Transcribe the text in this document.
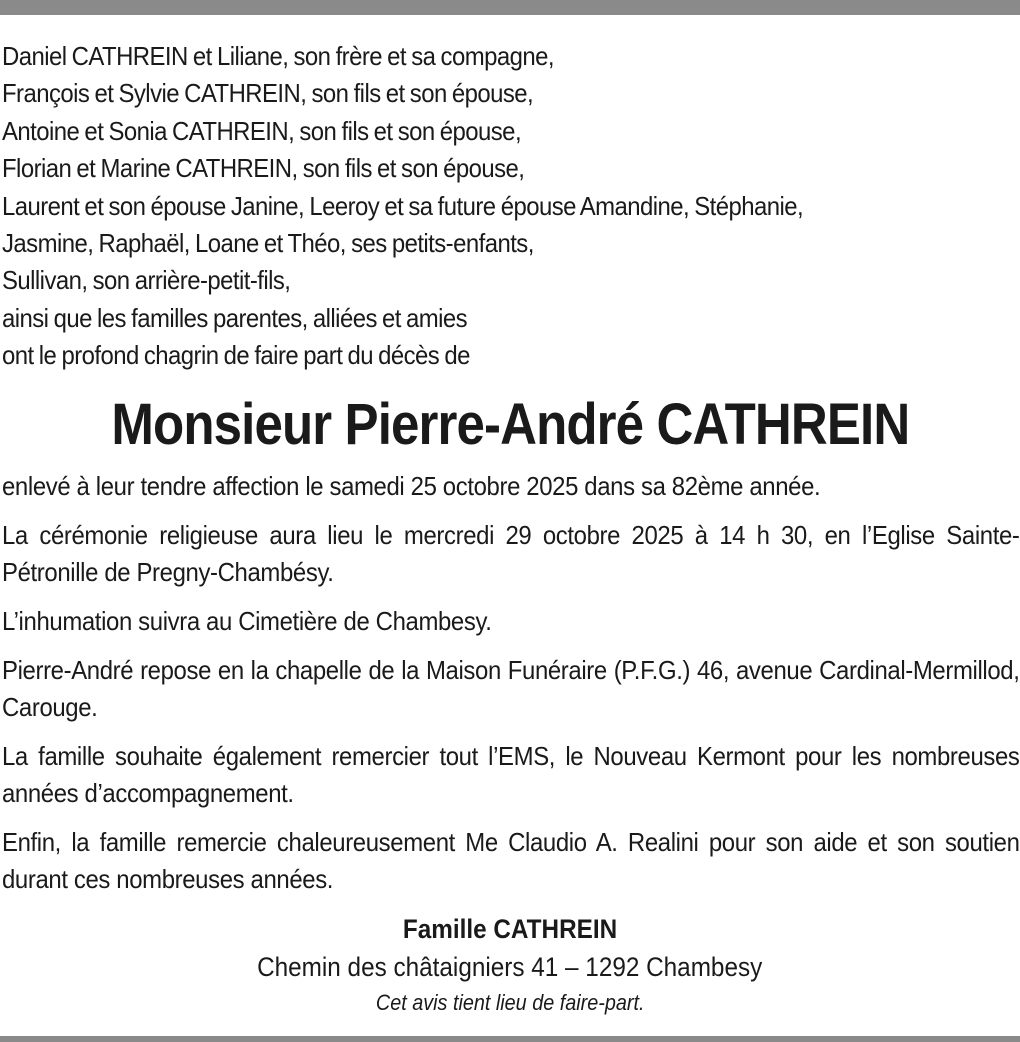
Daniel CATHREIN et Liliane, son frère et sa compagne,
François et Sylvie CATHREIN, son fils et son épouse,
Antoine et Sonia CATHREIN, son fils et son épouse,
Florian et Marine CATHREIN, son fils et son épouse,
Laurent et son épouse Janine, Leeroy et sa future épouse Amandine, Stéphanie,
Jasmine, Raphaël, Loane et Théo, ses petits-enfants,
Sullivan, son arrière-petit-fils,
ainsi que les familles parentes, alliées et amies
ont le profond chagrin de faire part du décès de
Monsieur Pierre-André CATHREIN
enlevé à leur tendre affection le samedi 25 octobre 2025 dans sa 82ème année.
La cérémonie religieuse aura lieu le mercredi 29 octobre 2025 à 14 h 30, en l’Eglise Sainte-Pétronille de Pregny-Chambésy.
L’inhumation suivra au Cimetière de Chambesy.
Pierre-André repose en la chapelle de la Maison Funéraire (P.F.G.) 46, avenue Cardinal-Mermillod, Carouge.
La famille souhaite également remercier tout l’EMS, le Nouveau Kermont pour les nombreuses années d’accompagnement.
Enfin, la famille remercie chaleureusement Me Claudio A. Realini pour son aide et son soutien durant ces nombreuses années.
Famille CATHREIN
Chemin des châtaigniers 41 – 1292 Chambesy
Cet avis tient lieu de faire-part.
